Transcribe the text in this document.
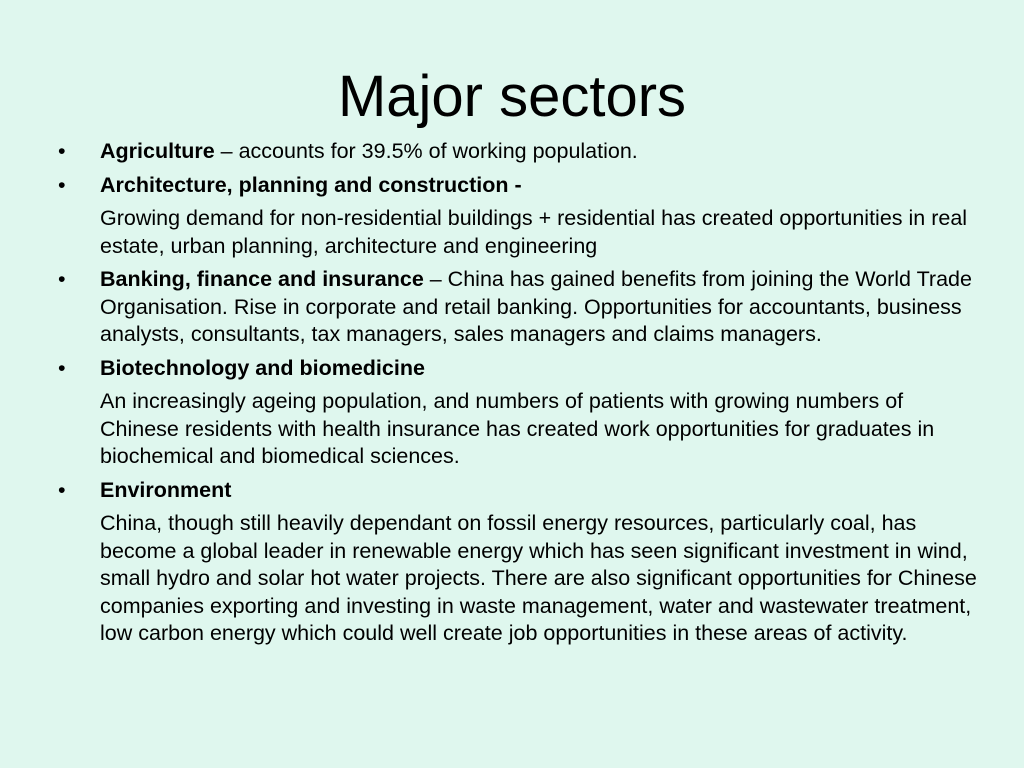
Major sectors
•	Agriculture – accounts for 39.5% of working population.
•	Architecture, planning and construction -
Growing demand for non-residential buildings + residential has created opportunities in real estate, urban planning, architecture and engineering
•	Banking, finance and insurance – China has gained benefits from joining the World Trade Organisation. Rise in corporate and retail banking. Opportunities for accountants, business analysts, consultants, tax managers, sales managers and claims managers.
•	Biotechnology and biomedicine
An increasingly ageing population, and numbers of patients with growing numbers of Chinese residents with health insurance has created work opportunities for graduates in biochemical and biomedical sciences.
•	Environment
China, though still heavily dependant on fossil energy resources, particularly coal, has become a global leader in renewable energy which has seen significant investment in wind, small hydro and solar hot water projects. There are also significant opportunities for Chinese companies exporting and investing in waste management, water and wastewater treatment, low carbon energy which could well create job opportunities in these areas of activity.
